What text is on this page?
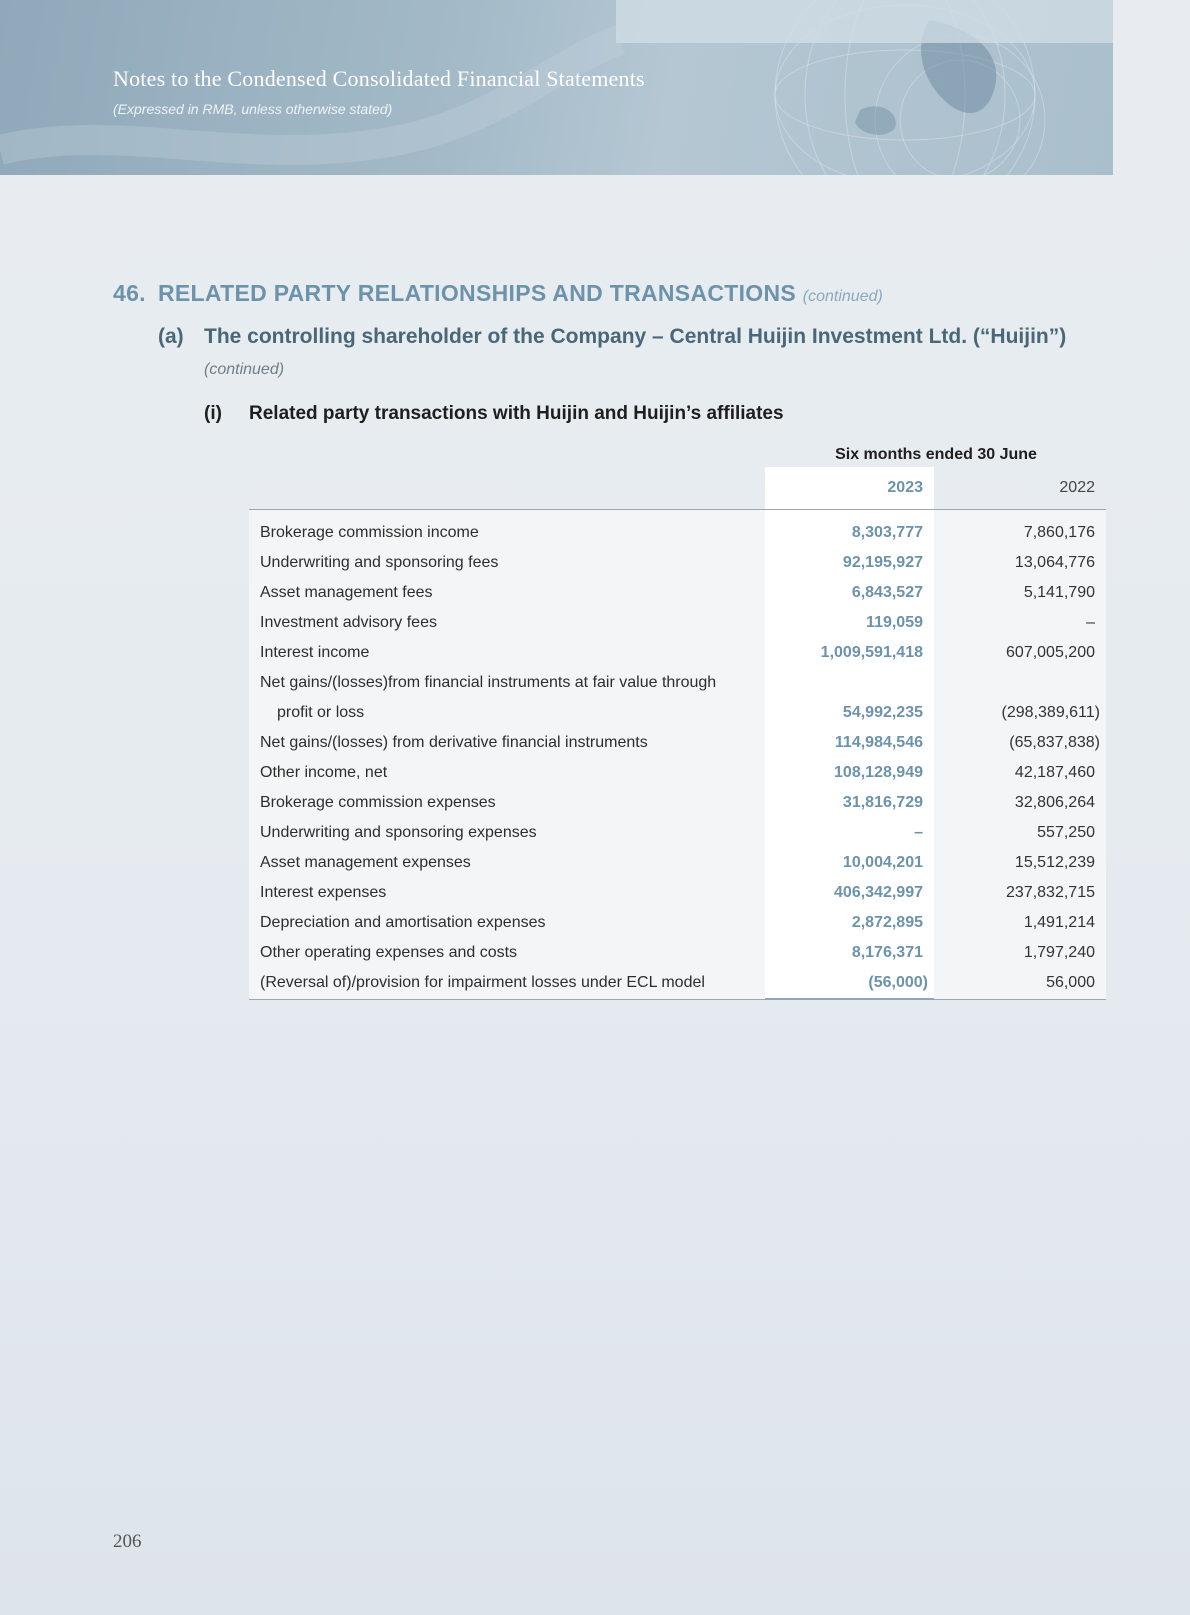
Notes to the Condensed Consolidated Financial Statements
(Expressed in RMB, unless otherwise stated)
46. RELATED PARTY RELATIONSHIPS AND TRANSACTIONS (continued)
(a) The controlling shareholder of the Company – Central Huijin Investment Ltd. (“Huijin”)
(continued)
(i) Related party transactions with Huijin and Huijin’s affiliates
Six months ended 30 June
	2023	2022

Brokerage commission income	8,303,777	7,860,176
Underwriting and sponsoring fees	92,195,927	13,064,776
Asset management fees	6,843,527	5,141,790
Investment advisory fees	119,059	–
Interest income	1,009,591,418	607,005,200
Net gains/(losses)from financial instruments at fair value through		
profit or loss	54,992,235	(298,389,611)
Net gains/(losses) from derivative financial instruments	114,984,546	(65,837,838)
Other income, net	108,128,949	42,187,460
Brokerage commission expenses	31,816,729	32,806,264
Underwriting and sponsoring expenses	–	557,250
Asset management expenses	10,004,201	15,512,239
Interest expenses	406,342,997	237,832,715
Depreciation and amortisation expenses	2,872,895	1,491,214
Other operating expenses and costs	8,176,371	1,797,240
(Reversal of)/provision for impairment losses under ECL model	(56,000)	56,000
206
